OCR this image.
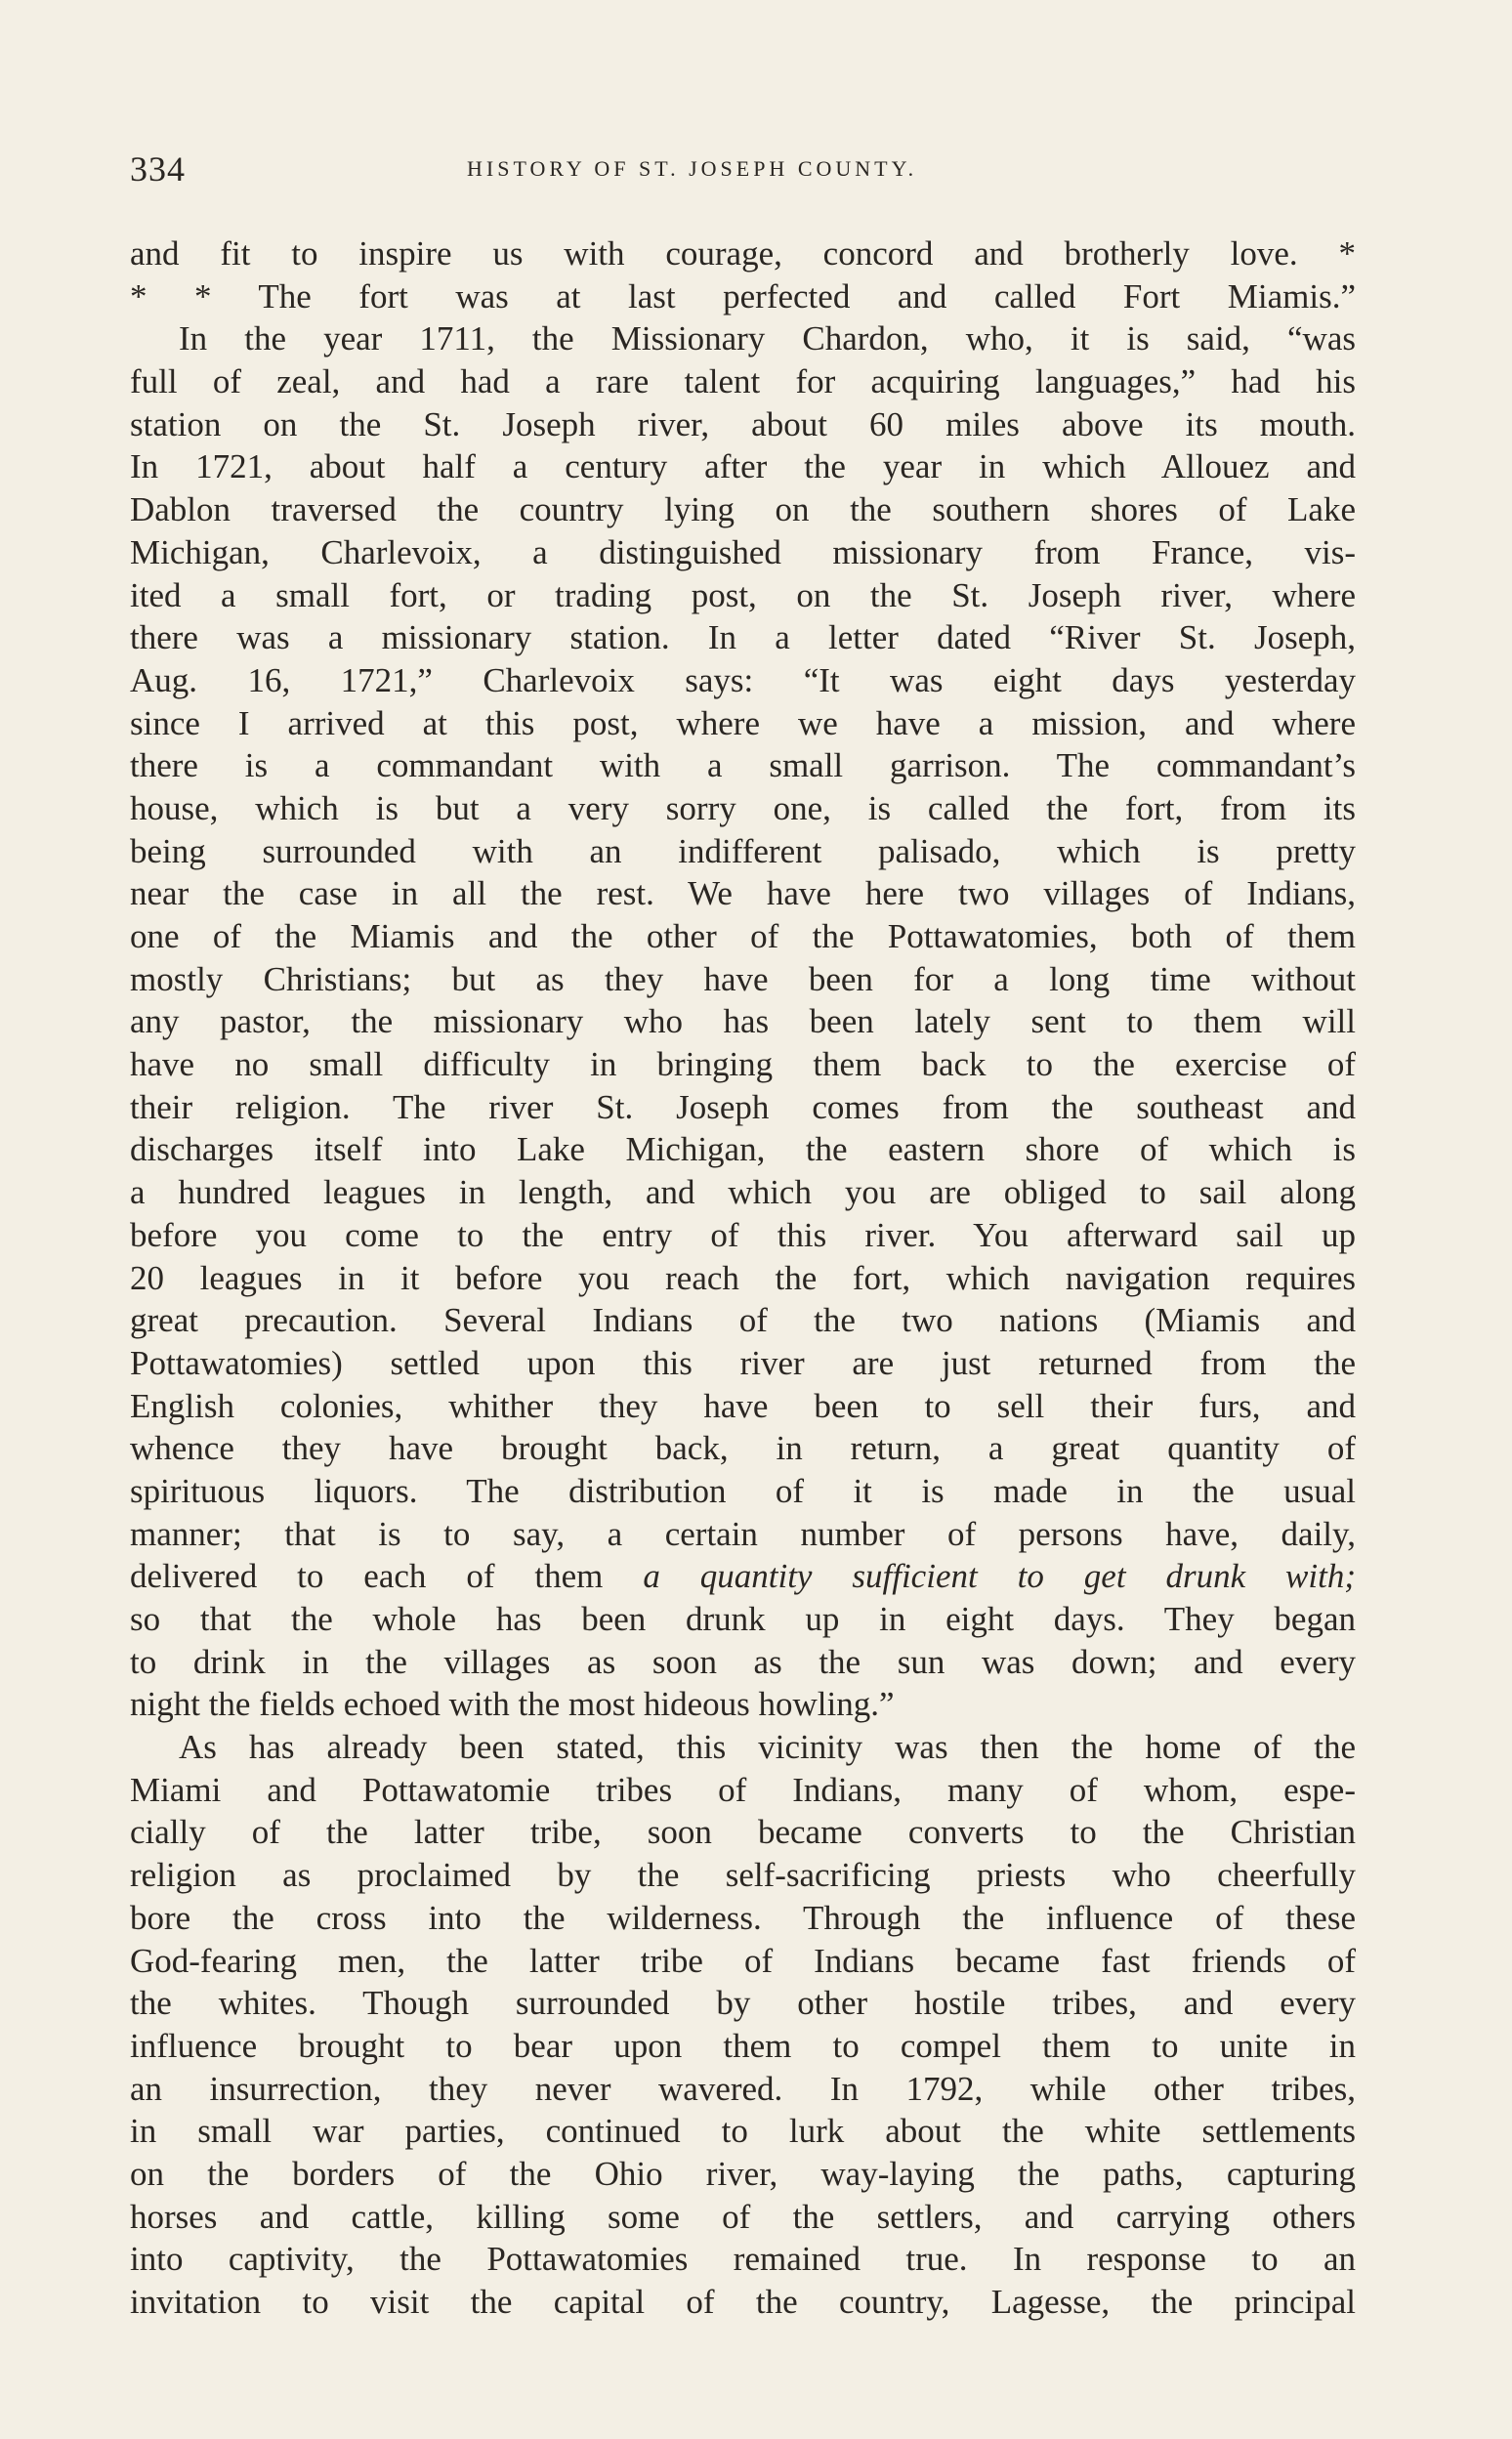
334	HISTORY OF ST. JOSEPH COUNTY.
and fit to inspire us with courage, concord and brotherly love. *
* * The fort was at last perfected and called Fort Miamis.”
In the year 1711, the Missionary Chardon, who, it is said, “was
full of zeal, and had a rare talent for acquiring languages,” had his
station on the St. Joseph river, about 60 miles above its mouth.
In 1721, about half a century after the year in which Allouez and
Dablon traversed the country lying on the southern shores of Lake
Michigan, Charlevoix, a distinguished missionary from France, vis-
ited a small fort, or trading post, on the St. Joseph river, where
there was a missionary station. In a letter dated “River St. Joseph,
Aug. 16, 1721,” Charlevoix says: “It was eight days yesterday
since I arrived at this post, where we have a mission, and where
there is a commandant with a small garrison. The commandant’s
house, which is but a very sorry one, is called the fort, from its
being surrounded with an indifferent palisado, which is pretty
near the case in all the rest. We have here two villages of Indians,
one of the Miamis and the other of the Pottawatomies, both of them
mostly Christians; but as they have been for a long time without
any pastor, the missionary who has been lately sent to them will
have no small difficulty in bringing them back to the exercise of
their religion. The river St. Joseph comes from the southeast and
discharges itself into Lake Michigan, the eastern shore of which is
a hundred leagues in length, and which you are obliged to sail along
before you come to the entry of this river. You afterward sail up
20 leagues in it before you reach the fort, which navigation requires
great precaution. Several Indians of the two nations (Miamis and
Pottawatomies) settled upon this river are just returned from the
English colonies, whither they have been to sell their furs, and
whence they have brought back, in return, a great quantity of
spirituous liquors. The distribution of it is made in the usual
manner; that is to say, a certain number of persons have, daily,
delivered to each of them a quantity sufficient to get drunk with;
so that the whole has been drunk up in eight days. They began
to drink in the villages as soon as the sun was down; and every
night the fields echoed with the most hideous howling.”
As has already been stated, this vicinity was then the home of the
Miami and Pottawatomie tribes of Indians, many of whom, espe-
cially of the latter tribe, soon became converts to the Christian
religion as proclaimed by the self-sacrificing priests who cheerfully
bore the cross into the wilderness. Through the influence of these
God-fearing men, the latter tribe of Indians became fast friends of
the whites. Though surrounded by other hostile tribes, and every
influence brought to bear upon them to compel them to unite in
an insurrection, they never wavered. In 1792, while other tribes,
in small war parties, continued to lurk about the white settlements
on the borders of the Ohio river, way-laying the paths, capturing
horses and cattle, killing some of the settlers, and carrying others
into captivity, the Pottawatomies remained true. In response to an
invitation to visit the capital of the country, Lagesse, the principal
